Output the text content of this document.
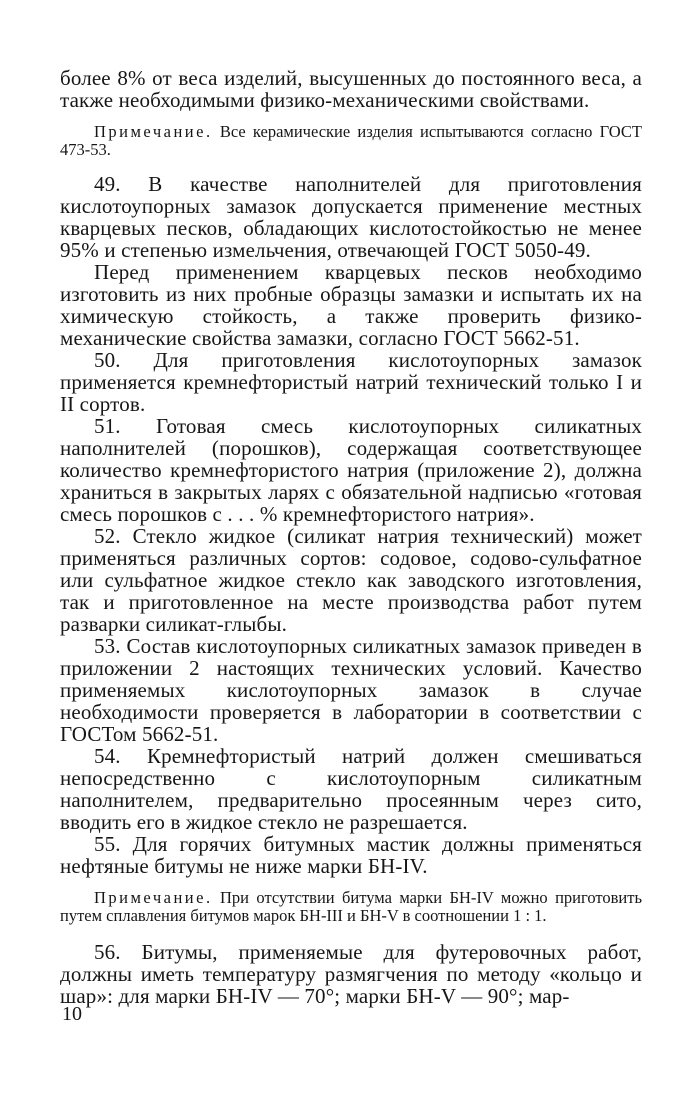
более 8% от веса изделий, высушенных до постоянного веса, а также необходимыми физико-механическими свойствами.

Примечание. Все керамические изделия испытываются согласно ГОСТ 473-53.

49. В качестве наполнителей для приготовления кислотоупорных замазок допускается применение местных кварцевых песков, обладающих кислотостойкостью не менее 95% и степенью измельчения, отвечающей ГОСТ 5050-49.

Перед применением кварцевых песков необходимо изготовить из них пробные образцы замазки и испытать их на химическую стойкость, а также проверить физико-механические свойства замазки, согласно ГОСТ 5662-51.

50. Для приготовления кислотоупорных замазок применяется кремнефтористый натрий технический только I и II сортов.

51. Готовая смесь кислотоупорных силикатных наполнителей (порошков), содержащая соответствующее количество кремнефтористого натрия (приложение 2), должна храниться в закрытых ларях с обязательной надписью «готовая смесь порошков с . . . % кремнефтористого натрия».

52. Стекло жидкое (силикат натрия технический) может применяться различных сортов: содовое, содово-сульфатное или сульфатное жидкое стекло как заводского изготовления, так и приготовленное на месте производства работ путем разварки силикат-глыбы.

53. Состав кислотоупорных силикатных замазок приведен в приложении 2 настоящих технических условий. Качество применяемых кислотоупорных замазок в случае необходимости проверяется в лаборатории в соответствии с ГОСТом 5662-51.

54. Кремнефтористый натрий должен смешиваться непосредственно с кислотоупорным силикатным наполнителем, предварительно просеянным через сито, вводить его в жидкое стекло не разрешается.

55. Для горячих битумных мастик должны применяться нефтяные битумы не ниже марки БН-IV.

Примечание. При отсутствии битума марки БН-IV можно приготовить путем сплавления битумов марок БН-III и БН-V в соотношении 1 : 1.

56. Битумы, применяемые для футеровочных работ, должны иметь температуру размягчения по методу «кольцо и шар»: для марки БН-IV — 70°; марки БН-V — 90°; мар-

10
